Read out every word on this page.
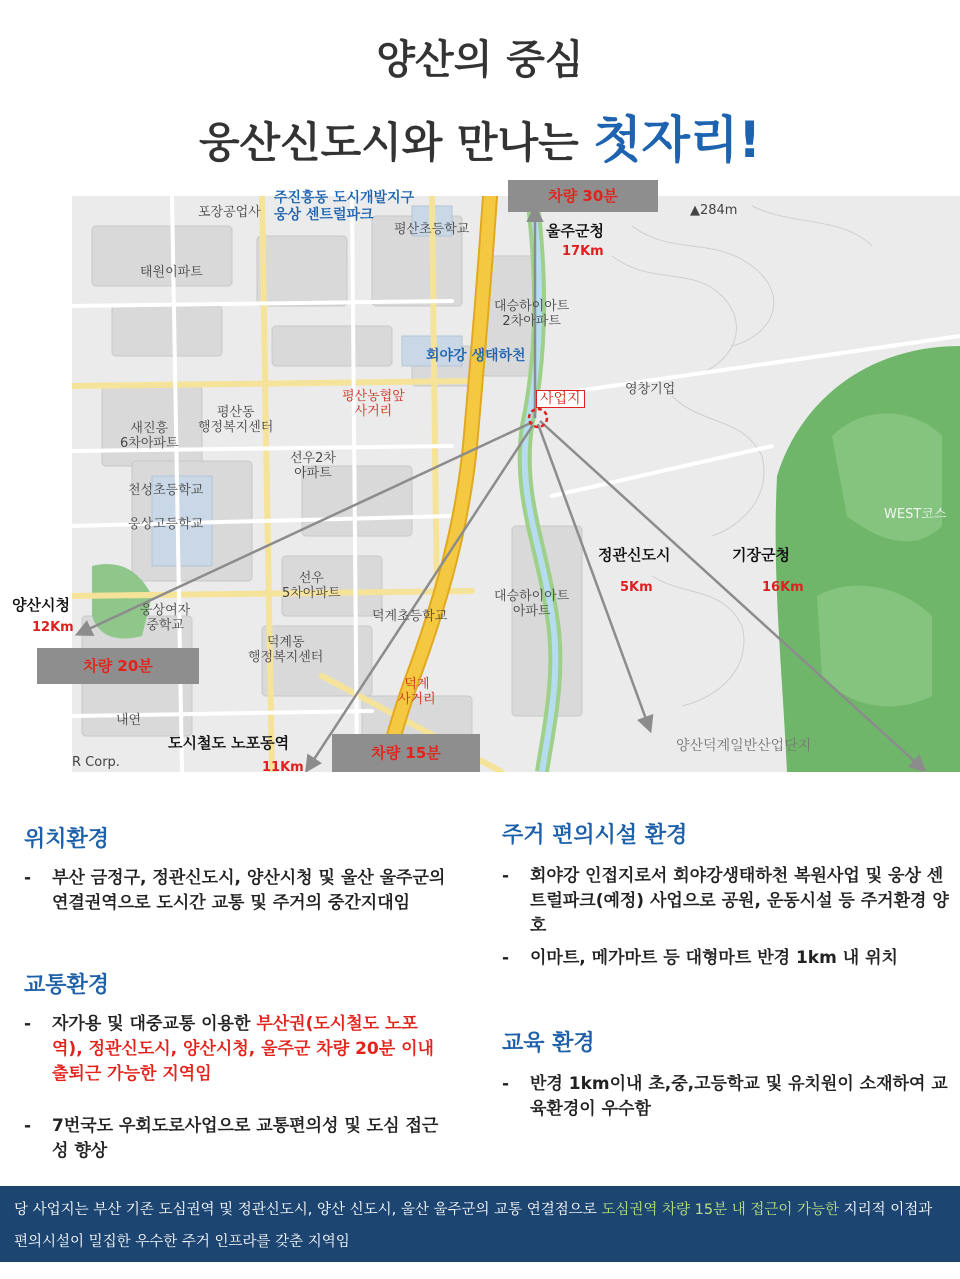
양산의 중심
웅산신도시와 만나는 첫자리!
포장공업사
평산초등학교
태원이파트
대승하이아트
2차아파트
▲284m
영창기업
평산동
행정복지센터
새진흥
6차아파트
평산농협앞
사거리
선우2차
아파트
천성초등학교
웅상고등학교
선우
5차아파트
덕계초등학교
대승하이아트
아파트
웅상여자
중학교
덕계동
행정복지센터
덕계
사거리
내연
WEST코스
양산덕계일반산업단지
R Corp.
주진흥동 도시개발지구
웅상 센트럴파크
회야강 생태하천
사업지
울주군청
17Km
정관신도시
5Km
기장군청
16Km
양산시청
12Km
도시철도 노포동역
11Km
차량 30분
차량 20분
차량 15분
위치환경
-	부산 금정구, 정관신도시, 양산시청 및 울산 울주군의 연결권역으로 도시간 교통 및 주거의 중간지대임
교통환경
-	자가용 및 대중교통 이용한 부산권(도시철도 노포역), 정관신도시, 양산시청, 울주군 차량 20분 이내 출퇴근 가능한 지역임
-	7번국도 우회도로사업으로 교통편의성 및 도심 접근성 향상
주거 편의시설 환경
-	회야강 인접지로서 회야강생태하천 복원사업 및 웅상 센트럴파크(예정) 사업으로 공원, 운동시설 등 주거환경 양호
-	이마트, 메가마트 등 대형마트 반경 1km 내 위치
교육 환경
-	반경 1km이내 초,중,고등학교 및 유치원이 소재하여 교육환경이 우수함
당 사업지는 부산 기존 도심권역 및 정관신도시, 양산 신도시, 울산 울주군의 교통 연결점으로 도심권역 차량 15분 내 접근이 가능한 지리적 이점과 편의시설이 밀집한 우수한 주거 인프라를 갖춘 지역임
